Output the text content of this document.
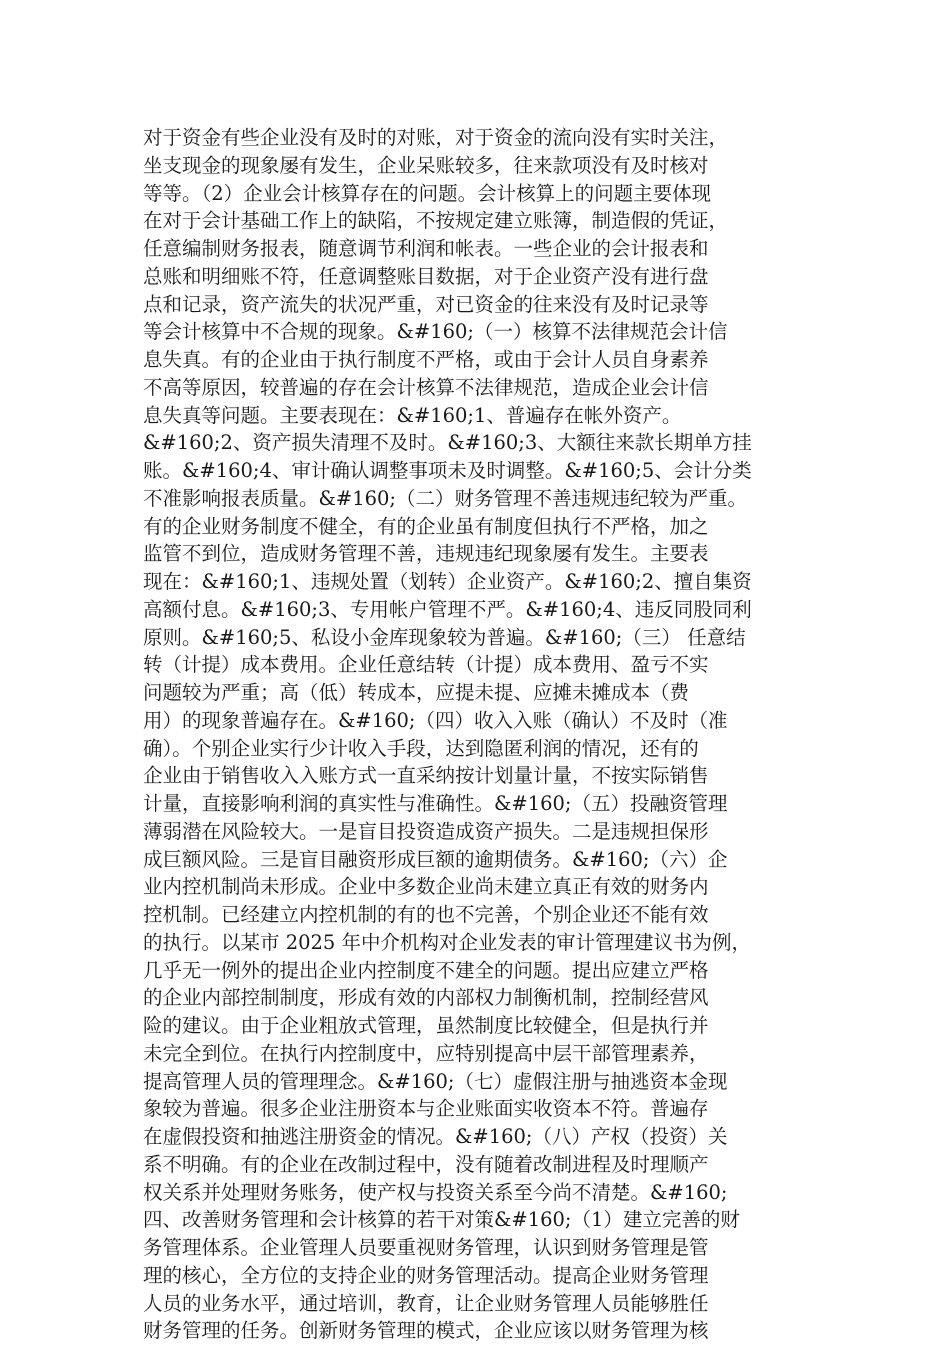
对于资金有些企业没有及时的对账，对于资金的流向没有实时关注，
坐支现金的现象屡有发生，企业呆账较多，往来款项没有及时核对
等等。（2）企业会计核算存在的问题。会计核算上的问题主要体现
在对于会计基础工作上的缺陷，不按规定建立账簿，制造假的凭证，
任意编制财务报表，随意调节利润和帐表。一些企业的会计报表和
总账和明细账不符，任意调整账目数据，对于企业资产没有进行盘
点和记录，资产流失的状况严重，对已资金的往来没有及时记录等
等会计核算中不合规的现象。&#160;（一）核算不法律规范会计信
息失真。有的企业由于执行制度不严格，或由于会计人员自身素养
不高等原因，较普遍的存在会计核算不法律规范，造成企业会计信
息失真等问题。主要表现在：&#160;1、普遍存在帐外资产。
&#160;2、资产损失清理不及时。&#160;3、大额往来款长期单方挂
账。&#160;4、审计确认调整事项未及时调整。&#160;5、会计分类
不准影响报表质量。&#160;（二）财务管理不善违规违纪较为严重。
有的企业财务制度不健全，有的企业虽有制度但执行不严格，加之
监管不到位，造成财务管理不善，违规违纪现象屡有发生。主要表
现在：&#160;1、违规处置（划转）企业资产。&#160;2、擅自集资
高额付息。&#160;3、专用帐户管理不严。&#160;4、违反同股同利
原则。&#160;5、私设小金库现象较为普遍。&#160;（三） 任意结
转（计提）成本费用。企业任意结转（计提）成本费用、盈亏不实
问题较为严重；高（低）转成本，应提未提、应摊未摊成本（费
用）的现象普遍存在。&#160;（四）收入入账（确认）不及时（准
确）。个别企业实行少计收入手段，达到隐匿利润的情况，还有的
企业由于销售收入入账方式一直采纳按计划量计量，不按实际销售
计量，直接影响利润的真实性与准确性。&#160;（五）投融资管理
薄弱潜在风险较大。一是盲目投资造成资产损失。二是违规担保形
成巨额风险。三是盲目融资形成巨额的逾期债务。&#160;（六）企
业内控机制尚未形成。企业中多数企业尚未建立真正有效的财务内
控机制。已经建立内控机制的有的也不完善，个别企业还不能有效
的执行。以某市 2025 年中介机构对企业发表的审计管理建议书为例，
几乎无一例外的提出企业内控制度不建全的问题。提出应建立严格
的企业内部控制制度，形成有效的内部权力制衡机制，控制经营风
险的建议。由于企业粗放式管理，虽然制度比较健全，但是执行并
未完全到位。在执行内控制度中，应特别提高中层干部管理素养，
提高管理人员的管理理念。&#160;（七）虚假注册与抽逃资本金现
象较为普遍。很多企业注册资本与企业账面实收资本不符。普遍存
在虚假投资和抽逃注册资金的情况。&#160;（八）产权（投资）关
系不明确。有的企业在改制过程中，没有随着改制进程及时理顺产
权关系并处理财务账务，使产权与投资关系至今尚不清楚。&#160;
四、改善财务管理和会计核算的若干对策&#160;（1）建立完善的财
务管理体系。企业管理人员要重视财务管理，认识到财务管理是管
理的核心，全方位的支持企业的财务管理活动。提高企业财务管理
人员的业务水平，通过培训，教育，让企业财务管理人员能够胜任
财务管理的任务。创新财务管理的模式，企业应该以财务管理为核
